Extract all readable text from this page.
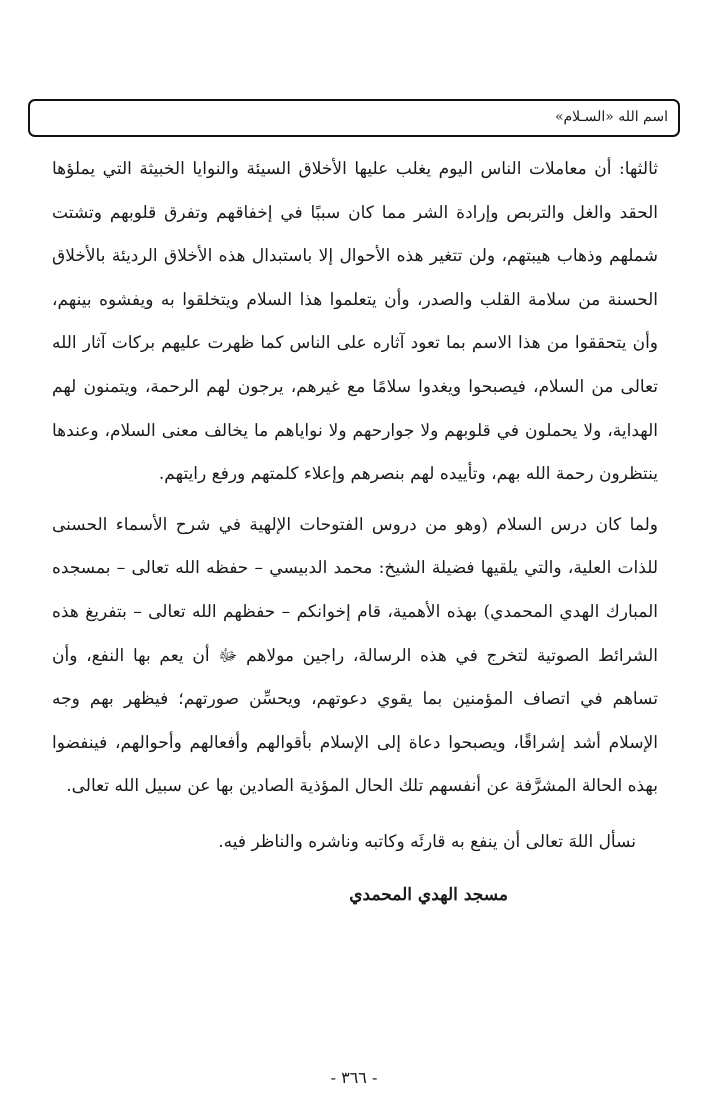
اسم الله «السـلام»

ثالثها: أن معاملات الناس اليوم يغلب عليها الأخلاق السيئة والنوايا الخبيثة التي يملؤها الحقد والغل والتربص وإرادة الشر مما كان سببًا في إخفاقهم وتفرق قلوبهم وتشتت شملهم وذهاب هيبتهم، ولن تتغير هذه الأحوال إلا باستبدال هذه الأخلاق الرديئة بالأخلاق الحسنة من سلامة القلب والصدر، وأن يتعلموا هذا السلام ويتخلقوا به ويفشوه بينهم، وأن يتحققوا من هذا الاسم بما تعود آثاره على الناس كما ظهرت عليهم بركات آثار الله تعالى من السلام، فيصبحوا ويغدوا سلامًا مع غيرهم، يرجون لهم الرحمة، ويتمنون لهم الهداية، ولا يحملون في قلوبهم ولا جوارحهم ولا نواياهم ما يخالف معنى السلام، وعندها ينتظرون رحمة الله بهم، وتأييده لهم بنصرهم وإعلاء كلمتهم ورفع رايتهم.

ولما كان درس السلام (وهو من دروس الفتوحات الإلهية في شرح الأسماء الحسنى للذات العلية، والتي يلقيها فضيلة الشيخ: محمد الدبيسي – حفظه الله تعالى – بمسجده المبارك الهدي المحمدي) بهذه الأهمية، قام إخوانكم – حفظهم الله تعالى – بتفريغ هذه الشرائط الصوتية لتخرج في هذه الرسالة، راجين مولاهم ﷻ أن يعم بها النفع، وأن تساهم في اتصاف المؤمنين بما يقوي دعوتهم، ويحسِّن صورتهم؛ فيظهر بهم وجه الإسلام أشد إشراقًا، ويصبحوا دعاة إلى الإسلام بأقوالهم وأفعالهم وأحوالهم، فينفضوا بهذه الحالة المشرَّفة عن أنفسهم تلك الحال المؤذية الصادين بها عن سبيل الله تعالى.

نسأل اللهَ تعالى أن ينفع به قارئَه وكاتبه وناشره والناظر فيه.

مسجد الهدي المحمدي

- ٣٦٦ -
